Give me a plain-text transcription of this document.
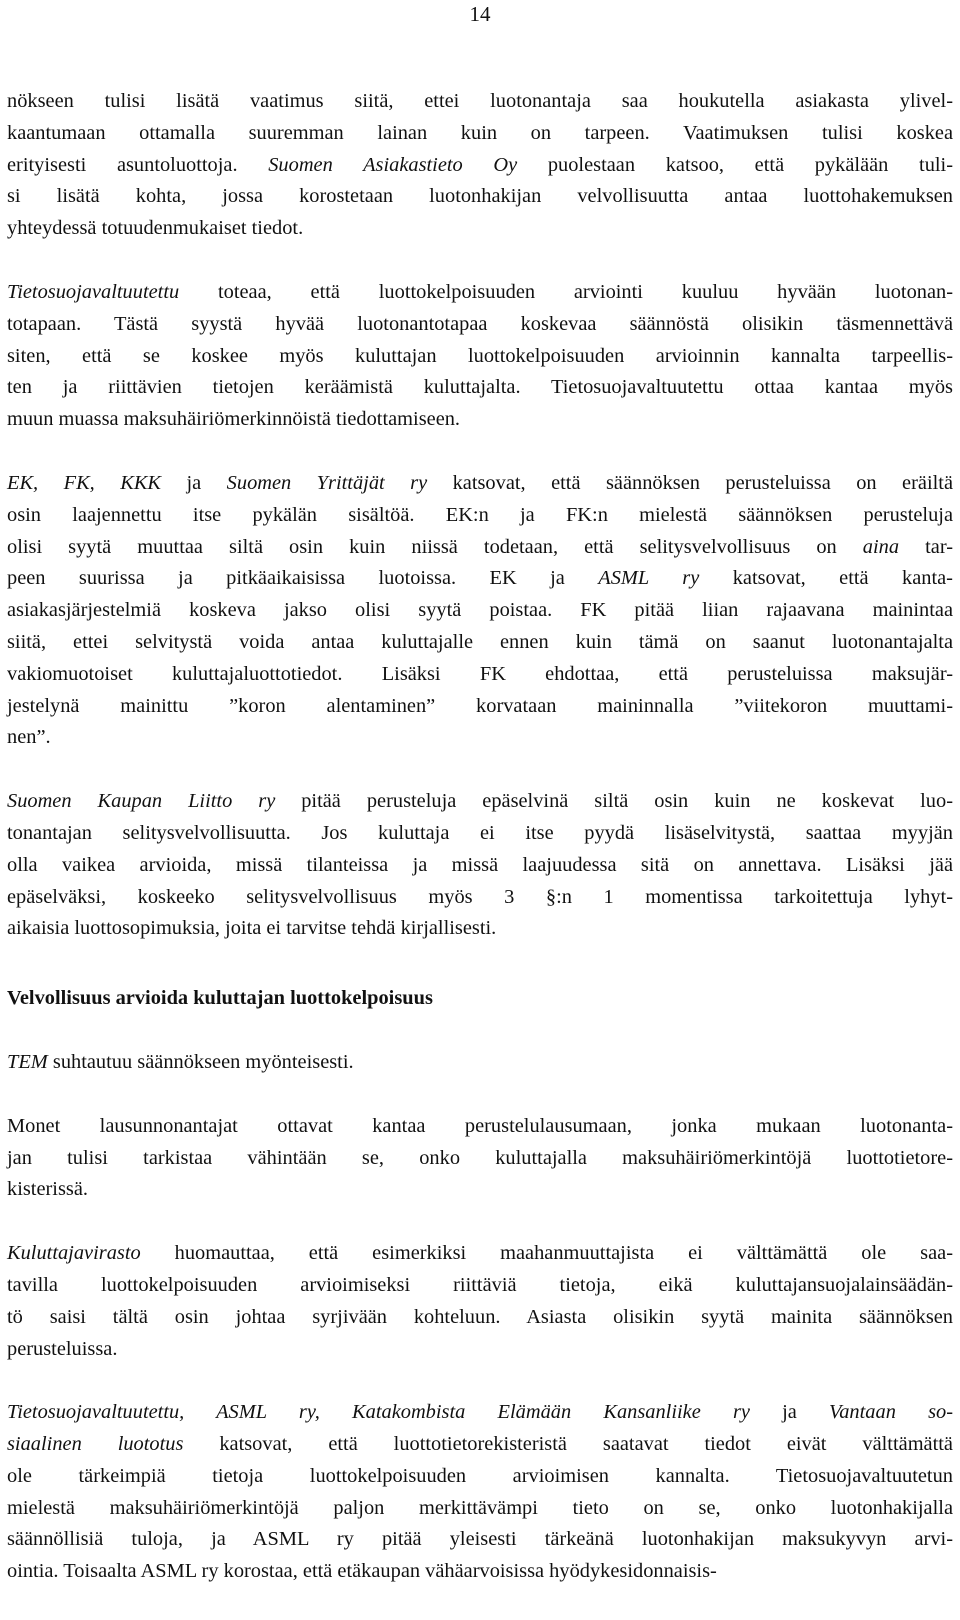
14
nökseen tulisi lisätä vaatimus siitä, ettei luotonantaja saa houkutella asiakasta ylivel-
kaantumaan ottamalla suuremman lainan kuin on tarpeen. Vaatimuksen tulisi koskea
erityisesti asuntoluottoja. Suomen Asiakastieto Oy puolestaan katsoo, että pykälään tuli-
si lisätä kohta, jossa korostetaan luotonhakijan velvollisuutta antaa luottohakemuksen
yhteydessä totuudenmukaiset tiedot.
Tietosuojavaltuutettu toteaa, että luottokelpoisuuden arviointi kuuluu hyvään luotonan-
totapaan. Tästä syystä hyvää luotonantotapaa koskevaa säännöstä olisikin täsmennettävä
siten, että se koskee myös kuluttajan luottokelpoisuuden arvioinnin kannalta tarpeellis-
ten ja riittävien tietojen keräämistä kuluttajalta. Tietosuojavaltuutettu ottaa kantaa myös
muun muassa maksuhäiriömerkinnöistä tiedottamiseen.
EK, FK, KKK ja Suomen Yrittäjät ry katsovat, että säännöksen perusteluissa on eräiltä
osin laajennettu itse pykälän sisältöä. EK:n ja FK:n mielestä säännöksen perusteluja
olisi syytä muuttaa siltä osin kuin niissä todetaan, että selitysvelvollisuus on aina tar-
peen suurissa ja pitkäaikaisissa luotoissa. EK ja ASML ry katsovat, että kanta-
asiakasjärjestelmiä koskeva jakso olisi syytä poistaa. FK pitää liian rajaavana mainintaa
siitä, ettei selvitystä voida antaa kuluttajalle ennen kuin tämä on saanut luotonantajalta
vakiomuotoiset kuluttajaluottotiedot. Lisäksi FK ehdottaa, että perusteluissa maksujär-
jestelynä mainittu ”koron alentaminen” korvataan maininnalla ”viitekoron muuttami-
nen”.
Suomen Kaupan Liitto ry pitää perusteluja epäselvinä siltä osin kuin ne koskevat luo-
tonantajan selitysvelvollisuutta. Jos kuluttaja ei itse pyydä lisäselvitystä, saattaa myyjän
olla vaikea arvioida, missä tilanteissa ja missä laajuudessa sitä on annettava. Lisäksi jää
epäselväksi, koskeeko selitysvelvollisuus myös 3 §:n 1 momentissa tarkoitettuja lyhyt-
aikaisia luottosopimuksia, joita ei tarvitse tehdä kirjallisesti.
Velvollisuus arvioida kuluttajan luottokelpoisuus
TEM suhtautuu säännökseen myönteisesti.
Monet lausunnonantajat ottavat kantaa perustelulausumaan, jonka mukaan luotonanta-
jan tulisi tarkistaa vähintään se, onko kuluttajalla maksuhäiriömerkintöjä luottotietore-
kisterissä.
Kuluttajavirasto huomauttaa, että esimerkiksi maahanmuuttajista ei välttämättä ole saa-
tavilla luottokelpoisuuden arvioimiseksi riittäviä tietoja, eikä kuluttajansuojalainsäädän-
tö saisi tältä osin johtaa syrjivään kohteluun. Asiasta olisikin syytä mainita säännöksen
perusteluissa.
Tietosuojavaltuutettu, ASML ry, Katakombista Elämään Kansanliike ry ja Vantaan so-
siaalinen luototus katsovat, että luottotietorekisteristä saatavat tiedot eivät välttämättä
ole tärkeimpiä tietoja luottokelpoisuuden arvioimisen kannalta. Tietosuojavaltuutetun
mielestä maksuhäiriömerkintöjä paljon merkittävämpi tieto on se, onko luotonhakijalla
säännöllisiä tuloja, ja ASML ry pitää yleisesti tärkeänä luotonhakijan maksukyvyn arvi-
ointia. Toisaalta ASML ry korostaa, että etäkaupan vähäarvoisissa hyödykesidonnaisis-
